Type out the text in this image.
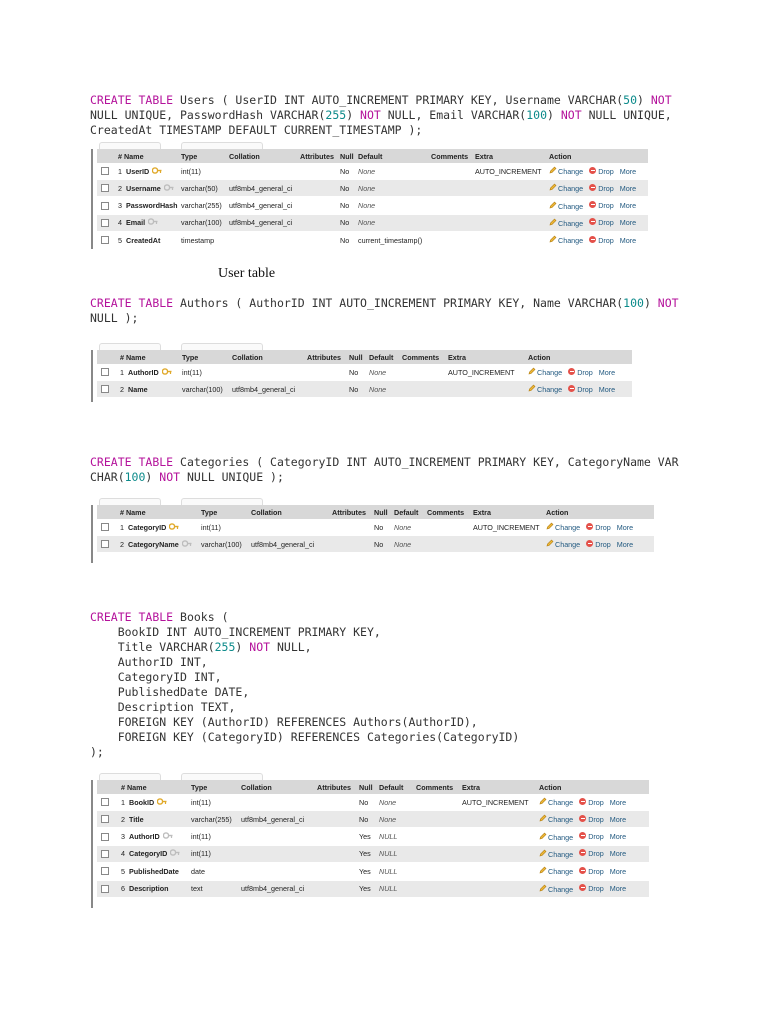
CREATE TABLE Users ( UserID INT AUTO_INCREMENT PRIMARY KEY, Username VARCHAR(50) NOT
NULL UNIQUE, PasswordHash VARCHAR(255) NOT NULL, Email VARCHAR(100) NOT NULL UNIQUE,
CreatedAt TIMESTAMP DEFAULT CURRENT_TIMESTAMP );
CREATE TABLE Authors ( AuthorID INT AUTO_INCREMENT PRIMARY KEY, Name VARCHAR(100) NOT
NULL );
CREATE TABLE Categories ( CategoryID INT AUTO_INCREMENT PRIMARY KEY, CategoryName VAR
CHAR(100) NOT NULL UNIQUE );
CREATE TABLE Books (
BookID INT AUTO_INCREMENT PRIMARY KEY,
Title VARCHAR(255) NOT NULL,
AuthorID INT,
CategoryID INT,
PublishedDate DATE,
Description TEXT,
FOREIGN KEY (AuthorID) REFERENCES Authors(AuthorID),
FOREIGN KEY (CategoryID) REFERENCES Categories(CategoryID)
);
User table
# Name	Type	Collation	Attributes Null Default	Comments Extra	Action
1 UserID	int(11)	No None	AUTO_INCREMENT	Change	Drop More
2 Username	varchar(50) utf8mb4_general_ci	No None	Change	Drop More
3 PasswordHash varchar(255) utf8mb4_general_ci	No None	Change	Drop More
4 Email	varchar(100) utf8mb4_general_ci	No None	Change	Drop More
5 CreatedAt	timestamp	No current_timestamp()	Change	Drop More
# Name	Type	Collation	Attributes Null Default Comments Extra	Action
1 AuthorID	int(11)	No None	AUTO_INCREMENT	Change	Drop More
2 Name	varchar(100) utf8mb4_general_ci	No None	Change	Drop More
# Name	Type	Collation	Attributes Null Default Comments Extra	Action
1 CategoryID	int(11)	No None	AUTO_INCREMENT	Change	Drop More
2 CategoryName	varchar(100) utf8mb4_general_ci	No None	Change	Drop More
# Name	Type	Collation	Attributes Null Default Comments Extra	Action
1 BookID	int(11)	No None	AUTO_INCREMENT	Change	Drop More
2 Title	varchar(255) utf8mb4_general_ci	No None	Change	Drop More
3 AuthorID	int(11)	Yes NULL	Change	Drop More
4 CategoryID	int(11)	Yes NULL	Change	Drop More
5 PublishedDate date	Yes NULL	Change	Drop More
6 Description	text	utf8mb4_general_ci	Yes NULL	Change	Drop More
